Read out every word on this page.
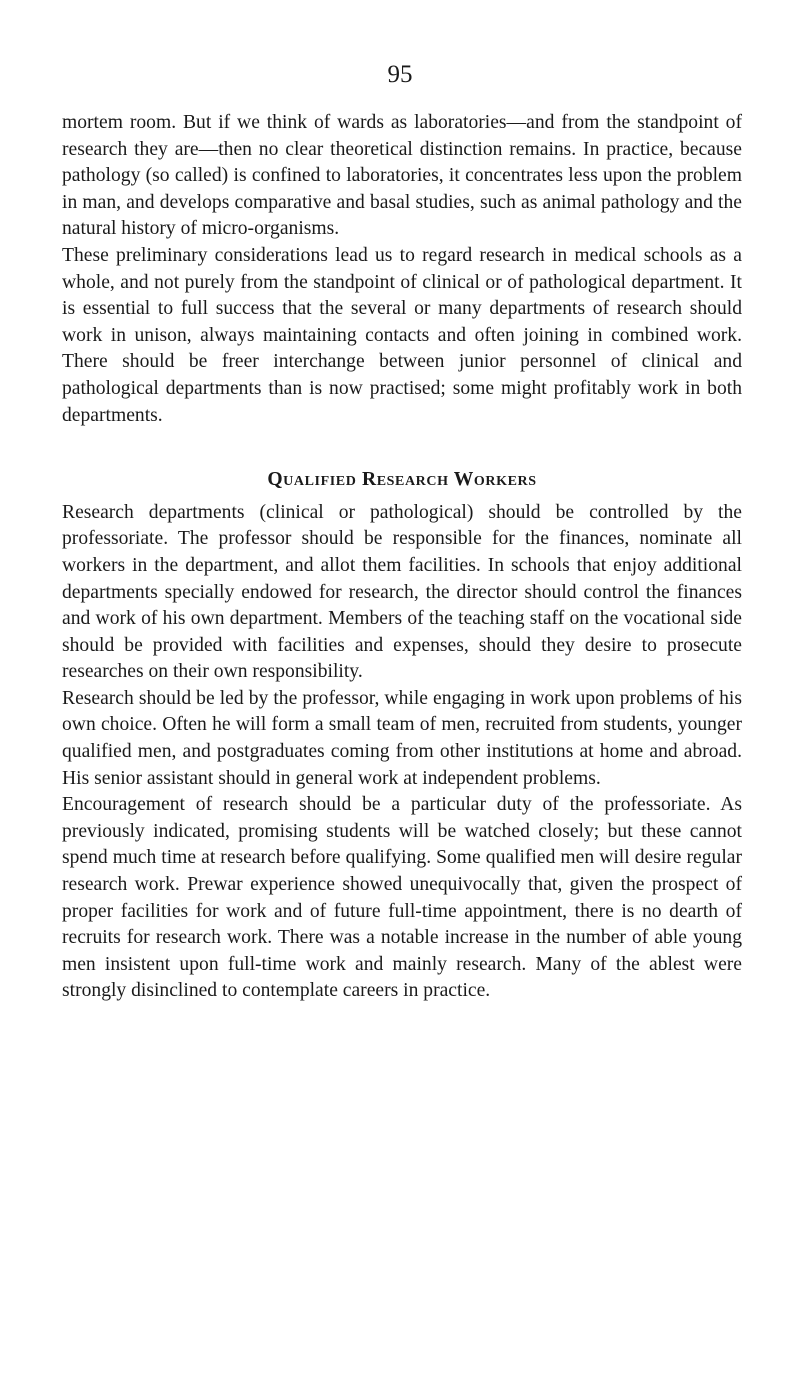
95

mortem room. But if we think of wards as laboratories—and from the standpoint of research they are—then no clear theoretical distinction remains. In practice, because pathology (so called) is confined to laboratories, it concentrates less upon the problem in man, and develops comparative and basal studies, such as animal pathology and the natural history of micro-organisms.

These preliminary considerations lead us to regard research in medical schools as a whole, and not purely from the standpoint of clinical or of pathological department. It is essential to full success that the several or many departments of research should work in unison, always maintaining contacts and often joining in combined work. There should be freer interchange between junior personnel of clinical and pathological departments than is now practised; some might profitably work in both departments.

Qualified Research Workers

Research departments (clinical or pathological) should be controlled by the professoriate. The professor should be responsible for the finances, nominate all workers in the department, and allot them facilities. In schools that enjoy additional departments specially endowed for research, the director should control the finances and work of his own department. Members of the teaching staff on the vocational side should be provided with facilities and expenses, should they desire to prosecute researches on their own responsibility.

Research should be led by the professor, while engaging in work upon problems of his own choice. Often he will form a small team of men, recruited from students, younger qualified men, and postgraduates coming from other institutions at home and abroad. His senior assistant should in general work at independent problems.

Encouragement of research should be a particular duty of the professoriate. As previously indicated, promising students will be watched closely; but these cannot spend much time at research before qualifying. Some qualified men will desire regular research work. Prewar experience showed unequivocally that, given the prospect of proper facilities for work and of future full-time appointment, there is no dearth of recruits for research work. There was a notable increase in the number of able young men insistent upon full-time work and mainly research. Many of the ablest were strongly disinclined to contemplate careers in practice.
